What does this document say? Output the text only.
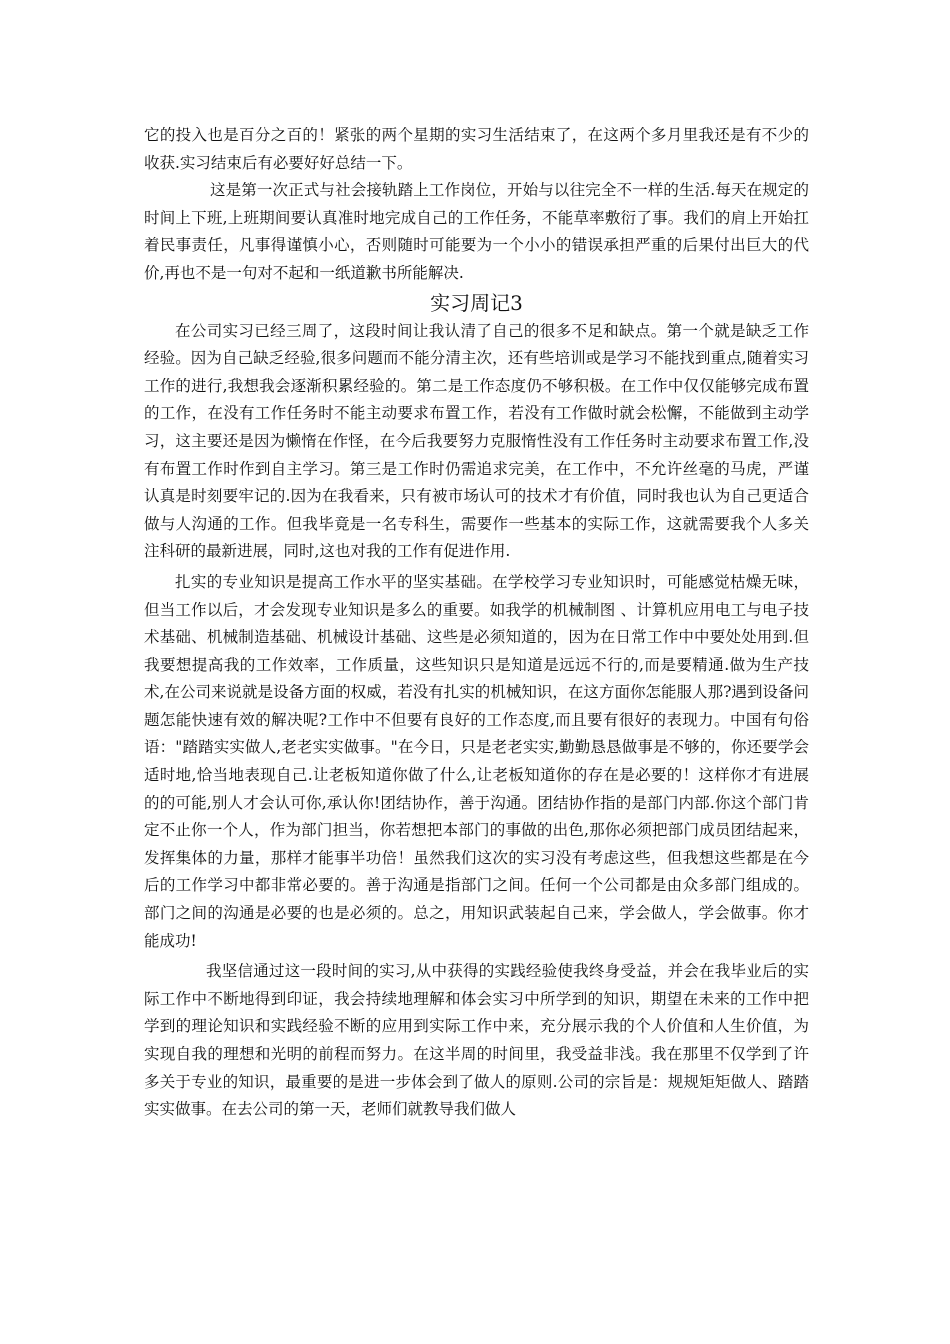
它的投入也是百分之百的！紧张的两个星期的实习生活结束了，在这两个多月里我还是有不少的收获.实习结束后有必要好好总结一下。

这是第一次正式与社会接轨踏上工作岗位，开始与以往完全不一样的生活.每天在规定的时间上下班,上班期间要认真准时地完成自己的工作任务，不能草率敷衍了事。我们的肩上开始扛着民事责任，凡事得谨慎小心，否则随时可能要为一个小小的错误承担严重的后果付出巨大的代价,再也不是一句对不起和一纸道歉书所能解决.

实习周记3

在公司实习已经三周了，这段时间让我认清了自己的很多不足和缺点。第一个就是缺乏工作经验。因为自己缺乏经验,很多问题而不能分清主次，还有些培训或是学习不能找到重点,随着实习工作的进行,我想我会逐渐积累经验的。第二是工作态度仍不够积极。在工作中仅仅能够完成布置的工作，在没有工作任务时不能主动要求布置工作，若没有工作做时就会松懈，不能做到主动学习，这主要还是因为懒惰在作怪，在今后我要努力克服惰性没有工作任务时主动要求布置工作,没有布置工作时作到自主学习。第三是工作时仍需追求完美，在工作中，不允许丝毫的马虎，严谨认真是时刻要牢记的.因为在我看来，只有被市场认可的技术才有价值，同时我也认为自己更适合做与人沟通的工作。但我毕竟是一名专科生，需要作一些基本的实际工作，这就需要我个人多关注科研的最新进展，同时,这也对我的工作有促进作用.

扎实的专业知识是提高工作水平的坚实基础。在学校学习专业知识时，可能感觉枯燥无味，但当工作以后，才会发现专业知识是多么的重要。如我学的机械制图 、计算机应用电工与电子技术基础、机械制造基础、机械设计基础、这些是必须知道的，因为在日常工作中中要处处用到.但我要想提高我的工作效率，工作质量，这些知识只是知道是远远不行的,而是要精通.做为生产技术,在公司来说就是设备方面的权威，若没有扎实的机械知识，在这方面你怎能服人那?遇到设备问题怎能快速有效的解决呢?工作中不但要有良好的工作态度,而且要有很好的表现力。中国有句俗语："踏踏实实做人,老老实实做事。"在今日，只是老老实实,勤勤恳恳做事是不够的，你还要学会适时地,恰当地表现自己.让老板知道你做了什么,让老板知道你的存在是必要的！这样你才有进展的的可能,别人才会认可你,承认你!团结协作，善于沟通。团结协作指的是部门内部.你这个部门肯定不止你一个人，作为部门担当，你若想把本部门的事做的出色,那你必须把部门成员团结起来，发挥集体的力量，那样才能事半功倍！虽然我们这次的实习没有考虑这些，但我想这些都是在今后的工作学习中都非常必要的。善于沟通是指部门之间。任何一个公司都是由众多部门组成的。部门之间的沟通是必要的也是必须的。总之，用知识武装起自己来，学会做人，学会做事。你才能成功!

我坚信通过这一段时间的实习,从中获得的实践经验使我终身受益，并会在我毕业后的实际工作中不断地得到印证，我会持续地理解和体会实习中所学到的知识，期望在未来的工作中把学到的理论知识和实践经验不断的应用到实际工作中来，充分展示我的个人价值和人生价值，为实现自我的理想和光明的前程而努力。在这半周的时间里，我受益非浅。我在那里不仅学到了许多关于专业的知识，最重要的是进一步体会到了做人的原则.公司的宗旨是：规规矩矩做人、踏踏实实做事。在去公司的第一天，老师们就教导我们做人
